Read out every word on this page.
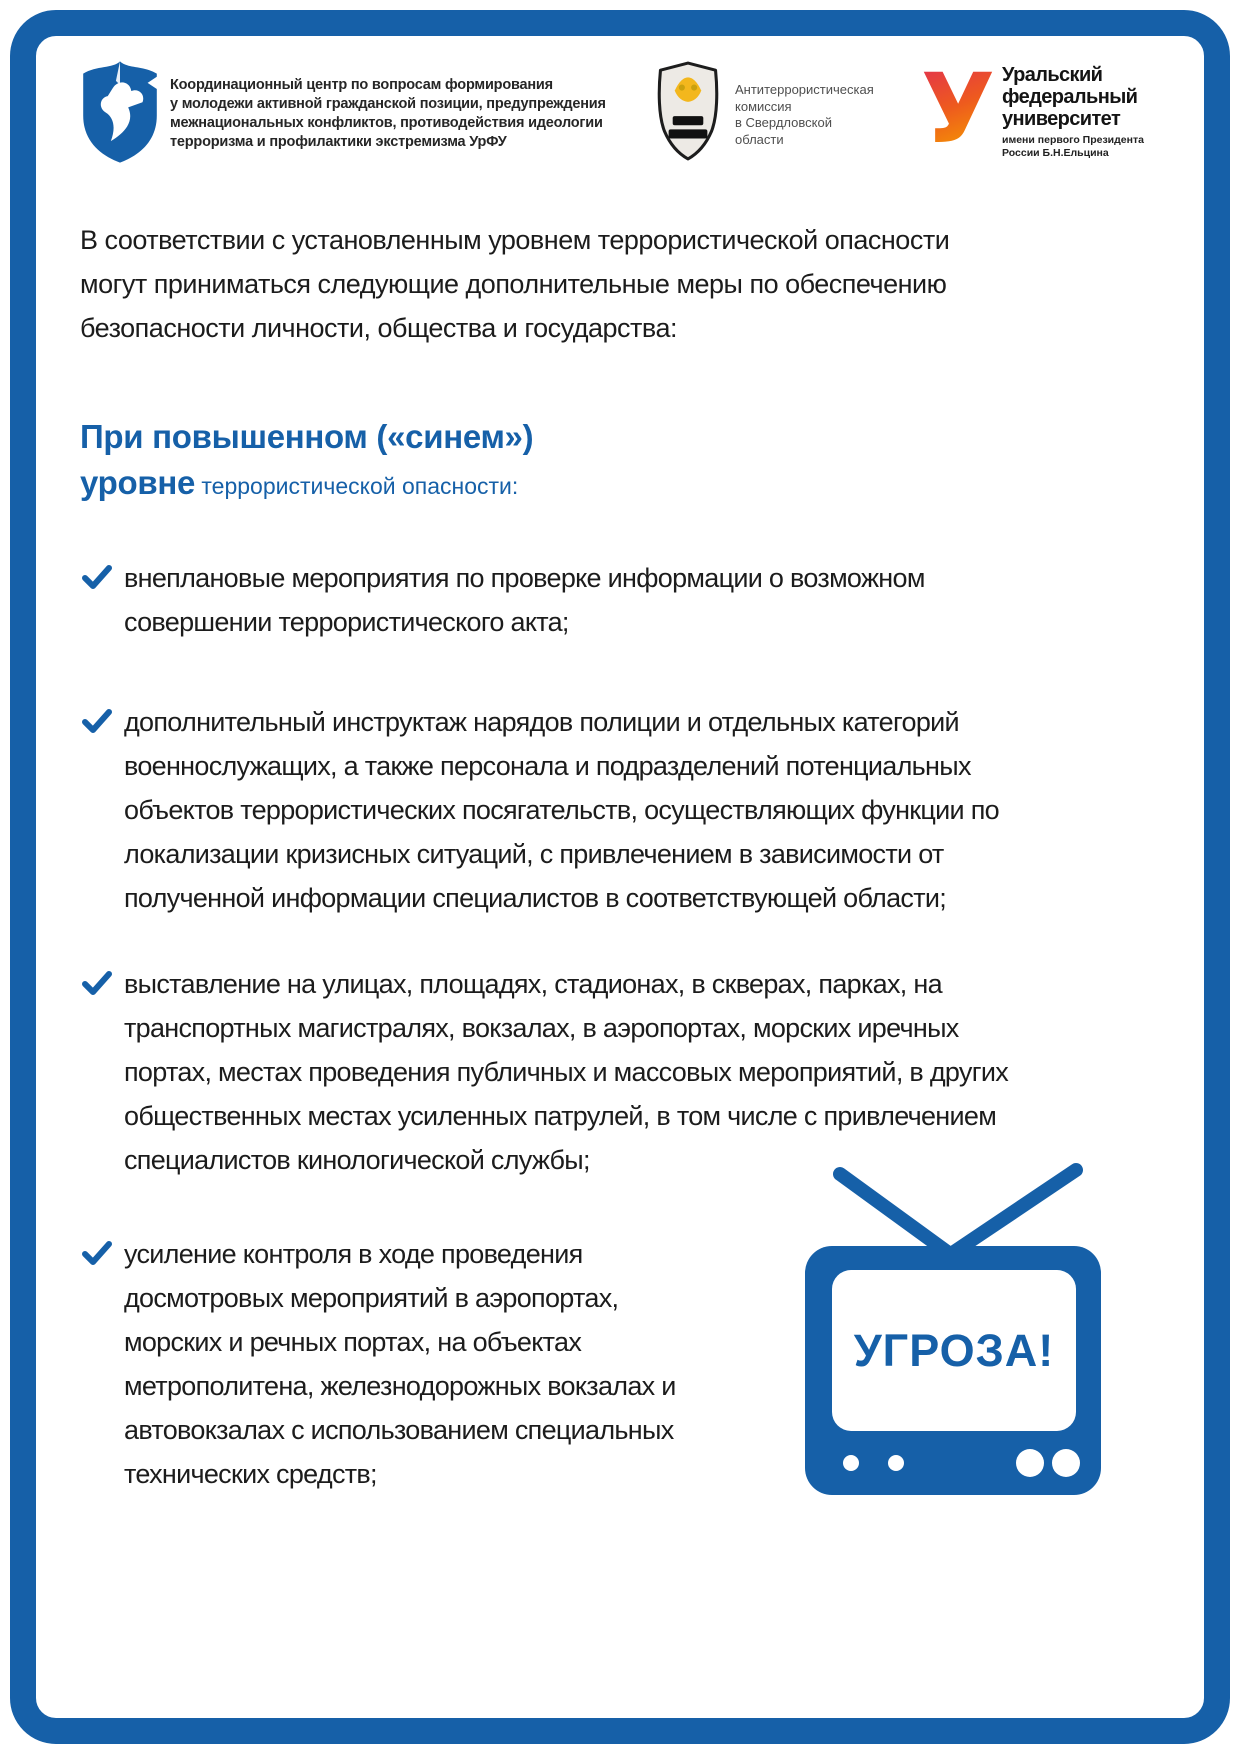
Координационный центр по вопросам формирования
у молодежи активной гражданской позиции, предупреждения
межнациональных конфликтов, противодействия идеологии
терроризма и профилактики экстремизма УрФУ
Антитеррористическая
комиссия
в Свердловской
области	У Уральский
федеральный
университет
имени первого Президента
России Б.Н.Ельцина

В соответствии с установленным уровнем террористической опасности могут приниматься следующие дополнительные меры по обеспечению безопасности личности, общества и государства:

При повышенном («синем»)

уровне террористической опасности:

внеплановые мероприятия по проверке информации о возможном совершении террористического акта;

дополнительный инструктаж нарядов полиции и отдельных категорий военнослужащих, а также персонала и подразделений потенциальных объектов террористических посягательств, осуществляющих функции по локализации кризисных ситуаций, с привлечением в зависимости от полученной информации специалистов в соответствующей области;

выставление на улицах, площадях, стадионах, в скверах, парках, на транспортных магистралях, вокзалах, в аэропортах, морских иречных портах, местах проведения публичных и массовых мероприятий, в других общественных местах усиленных патрулей, в том числе с привлечением специалистов кинологической службы;

усиление контроля в ходе проведения досмотровых мероприятий в аэропортах, морских и речных портах, на объектах метрополитена, железнодорожных вокзалах и автовокзалах с использованием специальных технических средств;

УГРОЗА!
